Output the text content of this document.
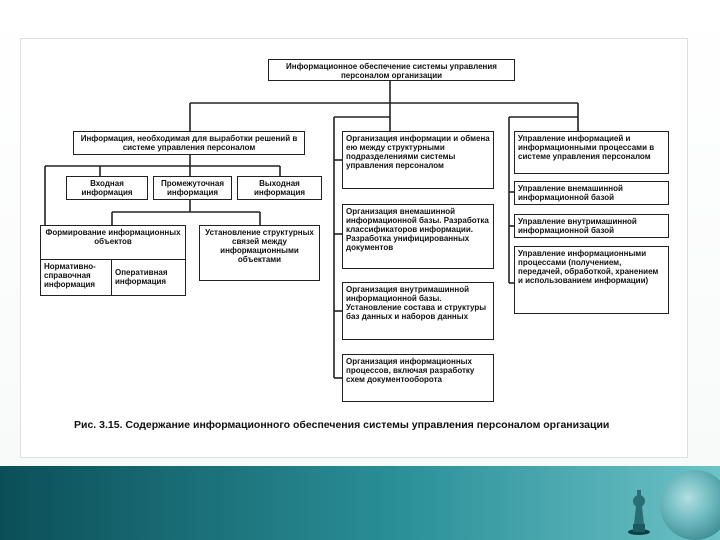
Информационное обеспечение системы управления персоналом организации
Информация, необходимая для выработки решений в системе управления персоналом
Входная информация
Промежуточная информация
Выходная информация
Формирование информационных объектов
Нормативно-справочная информация
Оперативная информация
Установление структурных связей между информационными объектами
Организация информации и обмена ею между структурными подразделениями системы управления персоналом
Организация внемашинной информационной базы. Разработка классификаторов информации. Разработка унифицированных документов
Организация внутримашинной информационной базы. Установление состава и структуры баз данных и наборов данных
Организация информационных процессов, включая разработку схем документооборота
Управление информацией и информационными процессами в системе управления персоналом
Управление внемашинной информационной базой
Управление внутримашинной информационной базой
Управление информационными процессами (получением, передачей, обработкой, хранением и использованием информации)
Рис. 3.15. Содержание информационного обеспечения системы управления персоналом организации
